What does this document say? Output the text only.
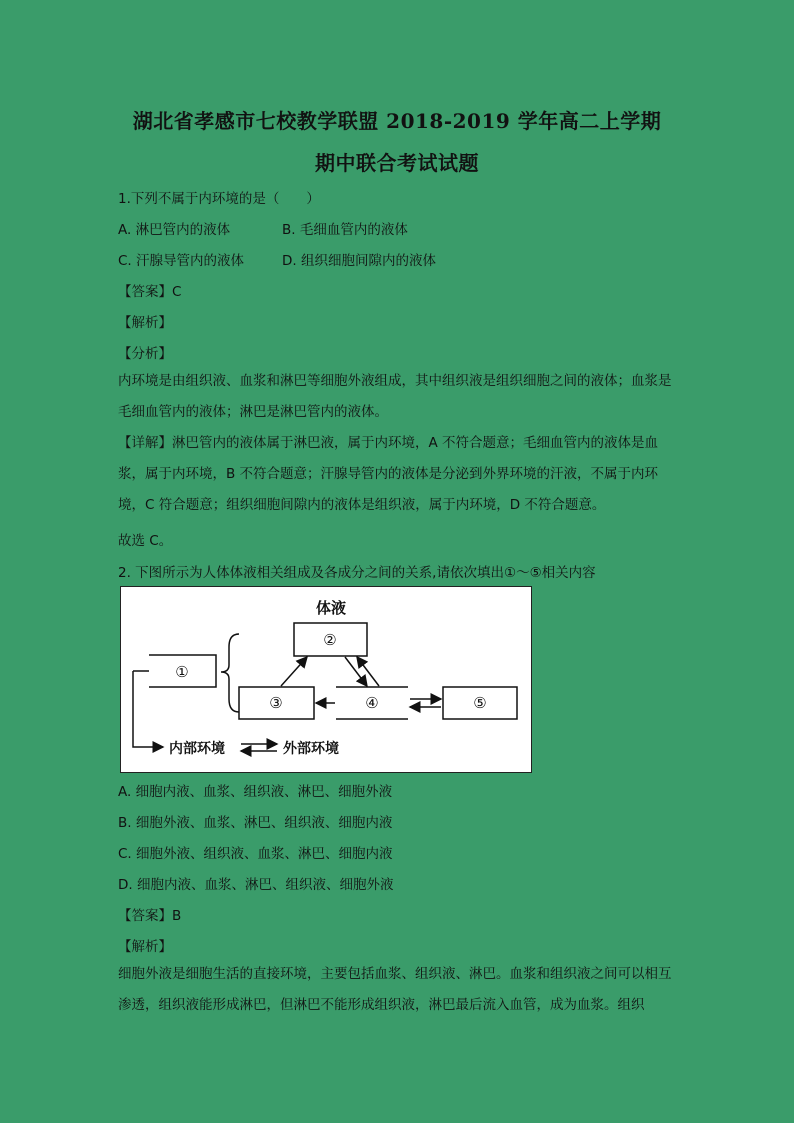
湖北省孝感市七校教学联盟 2018-2019 学年高二上学期
期中联合考试试题
1.下列不属于内环境的是（　　）
A. 淋巴管内的液体	B. 毛细血管内的液体
C. 汗腺导管内的液体	D. 组织细胞间隙内的液体
【答案】C
【解析】
【分析】
内环境是由组织液、血浆和淋巴等细胞外液组成，其中组织液是组织细胞之间的液体；血浆是毛细血管内的液体；淋巴是淋巴管内的液体。
【详解】淋巴管内的液体属于淋巴液，属于内环境，A 不符合题意；毛细血管内的液体是血浆，属于内环境，B 不符合题意；汗腺导管内的液体是分泌到外界环境的汗液，不属于内环境，C 符合题意；组织细胞间隙内的液体是组织液，属于内环境，D 不符合题意。
故选 C。
2. 下图所示为人体体液相关组成及各成分之间的关系,请依次填出①～⑤相关内容
体液
②
①
③	④	⑤
内部环境	外部环境
A. 细胞内液、血浆、组织液、淋巴、细胞外液
B. 细胞外液、血浆、淋巴、组织液、细胞内液
C. 细胞外液、组织液、血浆、淋巴、细胞内液
D. 细胞内液、血浆、淋巴、组织液、细胞外液
【答案】B
【解析】
细胞外液是细胞生活的直接环境，主要包括血浆、组织液、淋巴。血浆和组织液之间可以相互渗透，组织液能形成淋巴，但淋巴不能形成组织液，淋巴最后流入血管，成为血浆。组织
